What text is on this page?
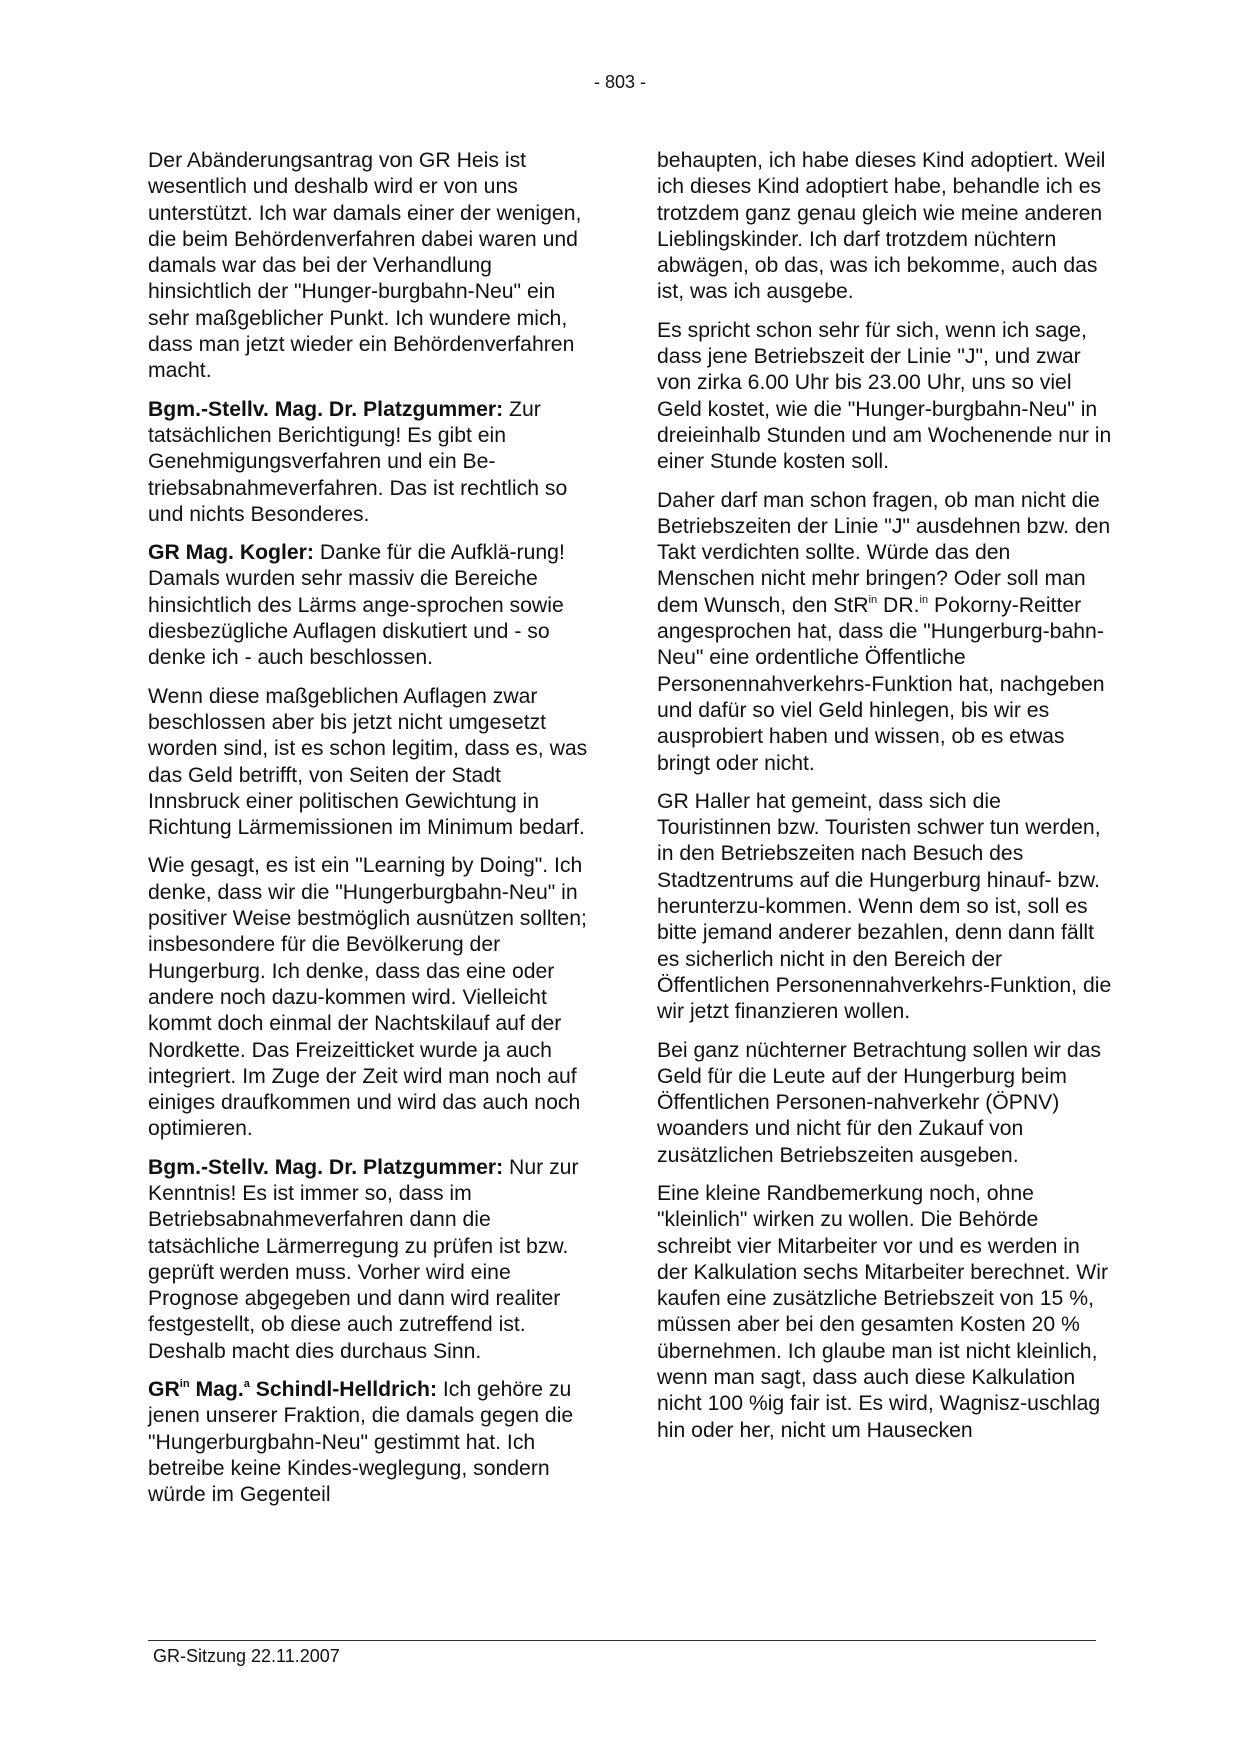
- 803 -

Der Abänderungsantrag von GR Heis ist wesentlich und deshalb wird er von uns unterstützt. Ich war damals einer der wenigen, die beim Behördenverfahren dabei waren und damals war das bei der Verhandlung hinsichtlich der "Hunger-burgbahn-Neu" ein sehr maßgeblicher Punkt. Ich wundere mich, dass man jetzt wieder ein Behördenverfahren macht.

Bgm.-Stellv. Mag. Dr. Platzgummer: Zur tatsächlichen Berichtigung! Es gibt ein Genehmigungsverfahren und ein Be-triebsabnahmeverfahren. Das ist rechtlich so und nichts Besonderes.

GR Mag. Kogler: Danke für die Aufklä-rung! Damals wurden sehr massiv die Bereiche hinsichtlich des Lärms ange-sprochen sowie diesbezügliche Auflagen diskutiert und - so denke ich - auch beschlossen.

Wenn diese maßgeblichen Auflagen zwar beschlossen aber bis jetzt nicht umgesetzt worden sind, ist es schon legitim, dass es, was das Geld betrifft, von Seiten der Stadt Innsbruck einer politischen Gewichtung in Richtung Lärmemissionen im Minimum bedarf.

Wie gesagt, es ist ein "Learning by Doing". Ich denke, dass wir die "Hungerburgbahn-Neu" in positiver Weise bestmöglich ausnützen sollten; insbesondere für die Bevölkerung der Hungerburg. Ich denke, dass das eine oder andere noch dazu-kommen wird. Vielleicht kommt doch einmal der Nachtskilauf auf der Nordkette. Das Freizeitticket wurde ja auch integriert. Im Zuge der Zeit wird man noch auf einiges draufkommen und wird das auch noch optimieren.

Bgm.-Stellv. Mag. Dr. Platzgummer: Nur zur Kenntnis! Es ist immer so, dass im Betriebsabnahmeverfahren dann die tatsächliche Lärmerregung zu prüfen ist bzw. geprüft werden muss. Vorher wird eine Prognose abgegeben und dann wird realiter festgestellt, ob diese auch zutreffend ist. Deshalb macht dies durchaus Sinn.

$GR^{in}$ Mag.$^a$ Schindl-Helldrich: Ich gehöre zu jenen unserer Fraktion, die damals gegen die "Hungerburgbahn-Neu" gestimmt hat. Ich betreibe keine Kindes-weglegung, sondern würde im Gegenteil

behaupten, ich habe dieses Kind adoptiert. Weil ich dieses Kind adoptiert habe, behandle ich es trotzdem ganz genau gleich wie meine anderen Lieblingskinder. Ich darf trotzdem nüchtern abwägen, ob das, was ich bekomme, auch das ist, was ich ausgebe.

Es spricht schon sehr für sich, wenn ich sage, dass jene Betriebszeit der Linie "J", und zwar von zirka 6.00 Uhr bis 23.00 Uhr, uns so viel Geld kostet, wie die "Hunger-burgbahn-Neu" in dreieinhalb Stunden und am Wochenende nur in einer Stunde kosten soll.

Daher darf man schon fragen, ob man nicht die Betriebszeiten der Linie "J" ausdehnen bzw. den Takt verdichten sollte. Würde das den Menschen nicht mehr bringen? Oder soll man dem Wunsch, den StR$^{in}$ DR.$^{in}$ Pokorny-Reitter angesprochen hat, dass die "Hungerburg-bahn-Neu" eine ordentliche Öffentliche Personennahverkehrs-Funktion hat, nachgeben und dafür so viel Geld hinlegen, bis wir es ausprobiert haben und wissen, ob es etwas bringt oder nicht.

GR Haller hat gemeint, dass sich die Touristinnen bzw. Touristen schwer tun werden, in den Betriebszeiten nach Besuch des Stadtzentrums auf die Hungerburg hinauf- bzw. herunterzu-kommen. Wenn dem so ist, soll es bitte jemand anderer bezahlen, denn dann fällt es sicherlich nicht in den Bereich der Öffentlichen Personennahverkehrs-Funktion, die wir jetzt finanzieren wollen.

Bei ganz nüchterner Betrachtung sollen wir das Geld für die Leute auf der Hungerburg beim Öffentlichen Personen-nahverkehr (ÖPNV) woanders und nicht für den Zukauf von zusätzlichen Betriebszeiten ausgeben.

Eine kleine Randbemerkung noch, ohne "kleinlich" wirken zu wollen. Die Behörde schreibt vier Mitarbeiter vor und es werden in der Kalkulation sechs Mitarbeiter berechnet. Wir kaufen eine zusätzliche Betriebszeit von 15 %, müssen aber bei den gesamten Kosten 20 % übernehmen. Ich glaube man ist nicht kleinlich, wenn man sagt, dass auch diese Kalkulation nicht 100 %ig fair ist. Es wird, Wagnisz-uschlag hin oder her, nicht um Hausecken

GR-Sitzung 22.11.2007
